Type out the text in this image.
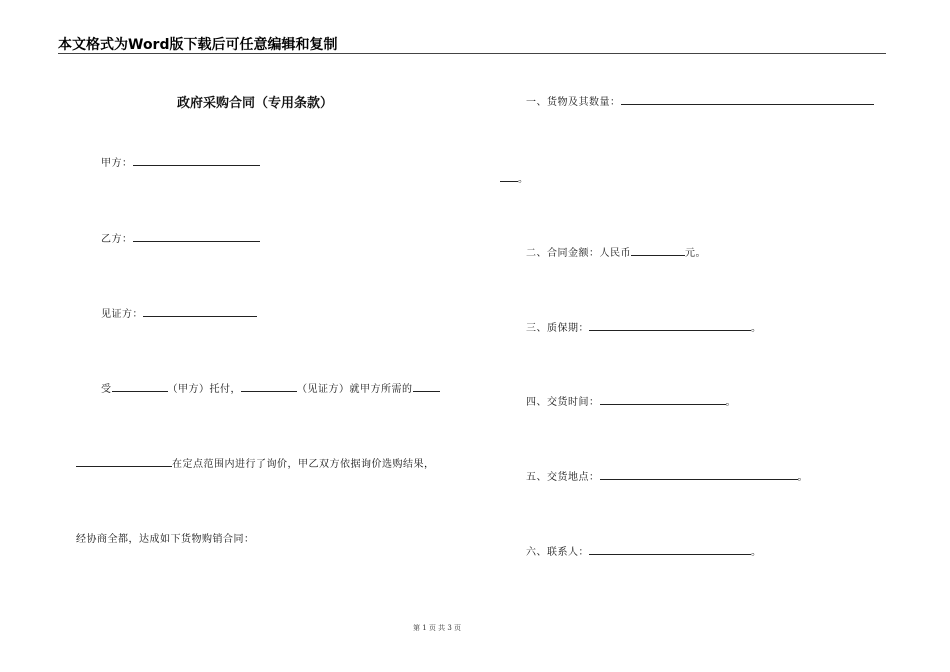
本文格式为Word版下载后可任意编辑和复制
政府采购合同（专用条款）
甲方：
乙方：
见证方：
受	（甲方）托付，	（见证方）就甲方所需的
在定点范围内进行了询价，甲乙双方依据询价选购结果，
经协商全都，达成如下货物购销合同：
一、货物及其数量：
。
二、合同金额：人民币	元。
三、质保期：	。
四、交货时间：	。
五、交货地点：	。
六、联系人：	。
第 1 页 共 3 页
